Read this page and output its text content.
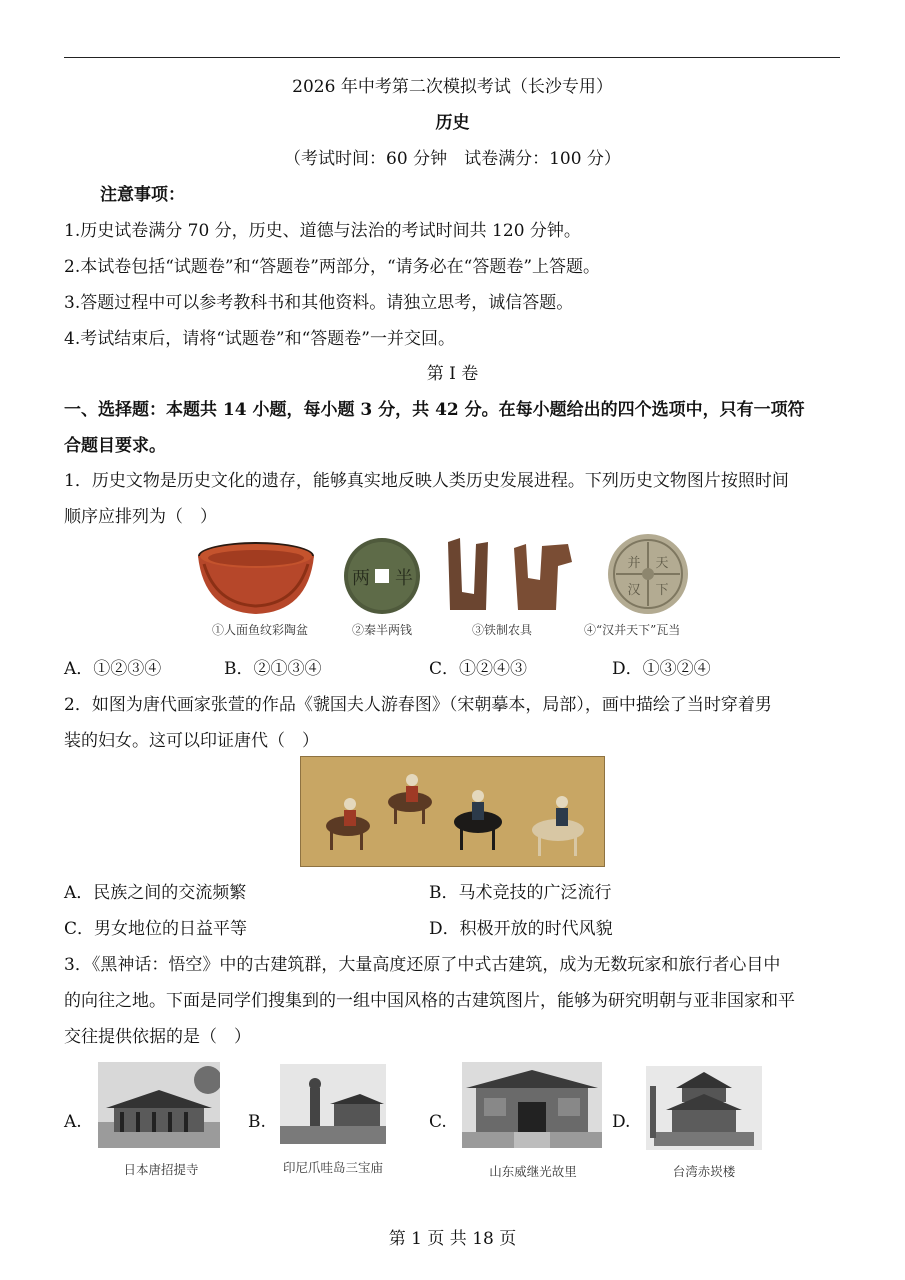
2026 年中考第二次模拟考试（长沙专用）
历史
（考试时间：60 分钟　试卷满分：100 分）
注意事项：
1.历史试卷满分 70 分，历史、道德与法治的考试时间共 120 分钟。
2.本试卷包括“试题卷”和“答题卷”两部分，“请务必在“答题卷”上答题。
3.答题过程中可以参考教科书和其他资料。请独立思考，诚信答题。
4.考试结束后，请将“试题卷”和“答题卷”一并交回。
第 I 卷
一、选择题：本题共 14 小题，每小题 3 分，共 42 分。在每小题给出的四个选项中，只有一项符
合题目要求。
1．历史文物是历史文化的遗存，能够真实地反映人类历史发展进程。下列历史文物图片按照时间
顺序应排列为（　）
两 半
天
并
下
汉
①人面鱼纹彩陶盆	②秦半两钱	③铁制农具	④“汉并天下”瓦当
A．①②③④	B．②①③④	C．①②④③	D．①③②④
2．如图为唐代画家张萱的作品《虢国夫人游春图》（宋朝摹本，局部），画中描绘了当时穿着男
装的妇女。这可以印证唐代（　）
A．民族之间的交流频繁	B．马术竞技的广泛流行
C．男女地位的日益平等	D．积极开放的时代风貌
3．《黑神话：悟空》中的古建筑群，大量高度还原了中式古建筑，成为无数玩家和旅行者心目中
的向往之地。下面是同学们搜集到的一组中国风格的古建筑图片，能够为研究明朝与亚非国家和平
交往提供依据的是（　）
A.	B.	C.	D.
日本唐招提寺	印尼爪哇岛三宝庙	山东威继光故里	台湾赤崁楼
第 1 页 共 18 页
